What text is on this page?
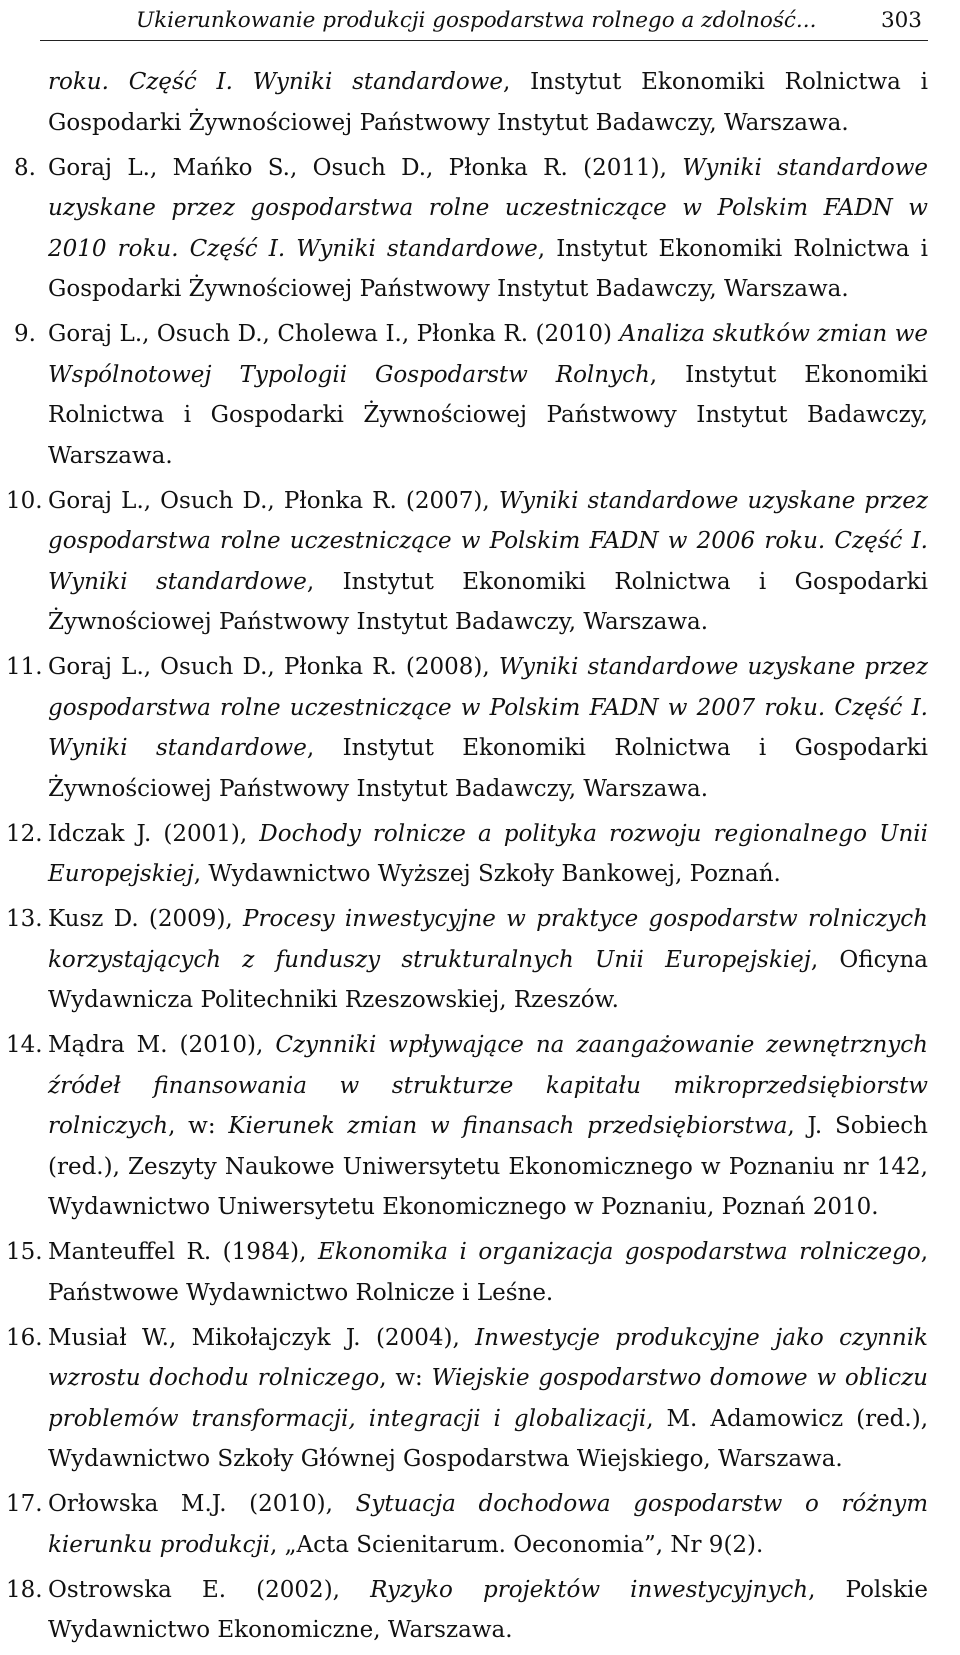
Ukierunkowanie produkcji gospodarstwa rolnego a zdolność...	303
roku. Część I. Wyniki standardowe, Instytut Ekonomiki Rolnictwa i Gospodarki Żywnościowej Państwowy Instytut Badawczy, Warszawa.
8. Goraj L., Mańko S., Osuch D., Płonka R. (2011), Wyniki standardowe uzyskane przez gospodarstwa rolne uczestniczące w Polskim FADN w 2010 roku. Część I. Wyniki standardowe, Instytut Ekonomiki Rolnictwa i Gospodarki Żywnościowej Państwowy Instytut Badawczy, Warszawa.
9. Goraj L., Osuch D., Cholewa I., Płonka R. (2010) Analiza skutków zmian we Wspólnotowej Typologii Gospodarstw Rolnych, Instytut Ekonomiki Rolnictwa i Gospodarki Żywnościowej Państwowy Instytut Badawczy, Warszawa.
10. Goraj L., Osuch D., Płonka R. (2007), Wyniki standardowe uzyskane przez gospodarstwa rolne uczestniczące w Polskim FADN w 2006 roku. Część I. Wyniki standardowe, Instytut Ekonomiki Rolnictwa i Gospodarki Żywnościowej Państwowy Instytut Badawczy, Warszawa.
11. Goraj L., Osuch D., Płonka R. (2008), Wyniki standardowe uzyskane przez gospodarstwa rolne uczestniczące w Polskim FADN w 2007 roku. Część I. Wyniki standardowe, Instytut Ekonomiki Rolnictwa i Gospodarki Żywnościowej Państwowy Instytut Badawczy, Warszawa.
12. Idczak J. (2001), Dochody rolnicze a polityka rozwoju regionalnego Unii Europejskiej, Wydawnictwo Wyższej Szkoły Bankowej, Poznań.
13. Kusz D. (2009), Procesy inwestycyjne w praktyce gospodarstw rolniczych korzystających z funduszy strukturalnych Unii Europejskiej, Oficyna Wydawnicza Politechniki Rzeszowskiej, Rzeszów.
14. Mądra M. (2010), Czynniki wpływające na zaangażowanie zewnętrznych źródeł finansowania w strukturze kapitału mikroprzedsiębiorstw rolniczych, w: Kierunek zmian w finansach przedsiębiorstwa, J. Sobiech (red.), Zeszyty Naukowe Uniwersytetu Ekonomicznego w Poznaniu nr 142, Wydawnictwo Uniwersytetu Ekonomicznego w Poznaniu, Poznań 2010.
15. Manteuffel R. (1984), Ekonomika i organizacja gospodarstwa rolniczego, Państwowe Wydawnictwo Rolnicze i Leśne.
16. Musiał W., Mikołajczyk J. (2004), Inwestycje produkcyjne jako czynnik wzrostu dochodu rolniczego, w: Wiejskie gospodarstwo domowe w obliczu problemów transformacji, integracji i globalizacji, M. Adamowicz (red.), Wydawnictwo Szkoły Głównej Gospodarstwa Wiejskiego, Warszawa.
17. Orłowska M.J. (2010), Sytuacja dochodowa gospodarstw o różnym kierunku produkcji, „Acta Scienitarum. Oeconomia”, Nr 9(2).
18. Ostrowska E. (2002), Ryzyko projektów inwestycyjnych, Polskie Wydawnictwo Ekonomiczne, Warszawa.
